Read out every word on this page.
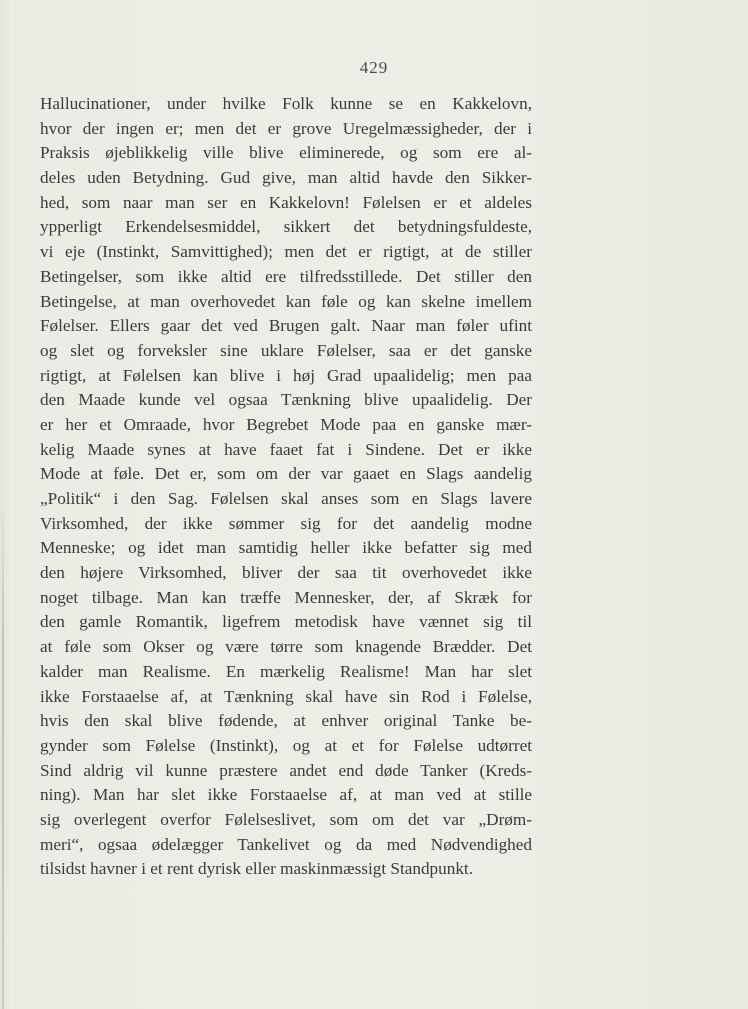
429
Hallucinationer, under hvilke Folk kunne se en Kakkelovn,
hvor der ingen er; men det er grove Uregelmæssigheder, der i
Praksis øjeblikkelig ville blive eliminerede, og som ere al-
deles uden Betydning. Gud give, man altid havde den Sikker-
hed, som naar man ser en Kakkelovn! Følelsen er et aldeles
ypperligt Erkendelsesmiddel, sikkert det betydningsfuldeste,
vi eje (Instinkt, Samvittighed); men det er rigtigt, at de stiller
Betingelser, som ikke altid ere tilfredsstillede. Det stiller den
Betingelse, at man overhovedet kan føle og kan skelne imellem
Følelser. Ellers gaar det ved Brugen galt. Naar man føler ufint
og slet og forveksler sine uklare Følelser, saa er det ganske
rigtigt, at Følelsen kan blive i høj Grad upaalidelig; men paa
den Maade kunde vel ogsaa Tænkning blive upaalidelig. Der
er her et Omraade, hvor Begrebet Mode paa en ganske mær-
kelig Maade synes at have faaet fat i Sindene. Det er ikke
Mode at føle. Det er, som om der var gaaet en Slags aandelig
„Politik“ i den Sag. Følelsen skal anses som en Slags lavere
Virksomhed, der ikke sømmer sig for det aandelig modne
Menneske; og idet man samtidig heller ikke befatter sig med
den højere Virksomhed, bliver der saa tit overhovedet ikke
noget tilbage. Man kan træffe Mennesker, der, af Skræk for
den gamle Romantik, ligefrem metodisk have vænnet sig til
at føle som Okser og være tørre som knagende Brædder. Det
kalder man Realisme. En mærkelig Realisme! Man har slet
ikke Forstaaelse af, at Tænkning skal have sin Rod i Følelse,
hvis den skal blive fødende, at enhver original Tanke be-
gynder som Følelse (Instinkt), og at et for Følelse udtørret
Sind aldrig vil kunne præstere andet end døde Tanker (Kreds-
ning). Man har slet ikke Forstaaelse af, at man ved at stille
sig overlegent overfor Følelseslivet, som om det var „Drøm-
meri“, ogsaa ødelægger Tankelivet og da med Nødvendighed
tilsidst havner i et rent dyrisk eller maskinmæssigt Standpunkt.
